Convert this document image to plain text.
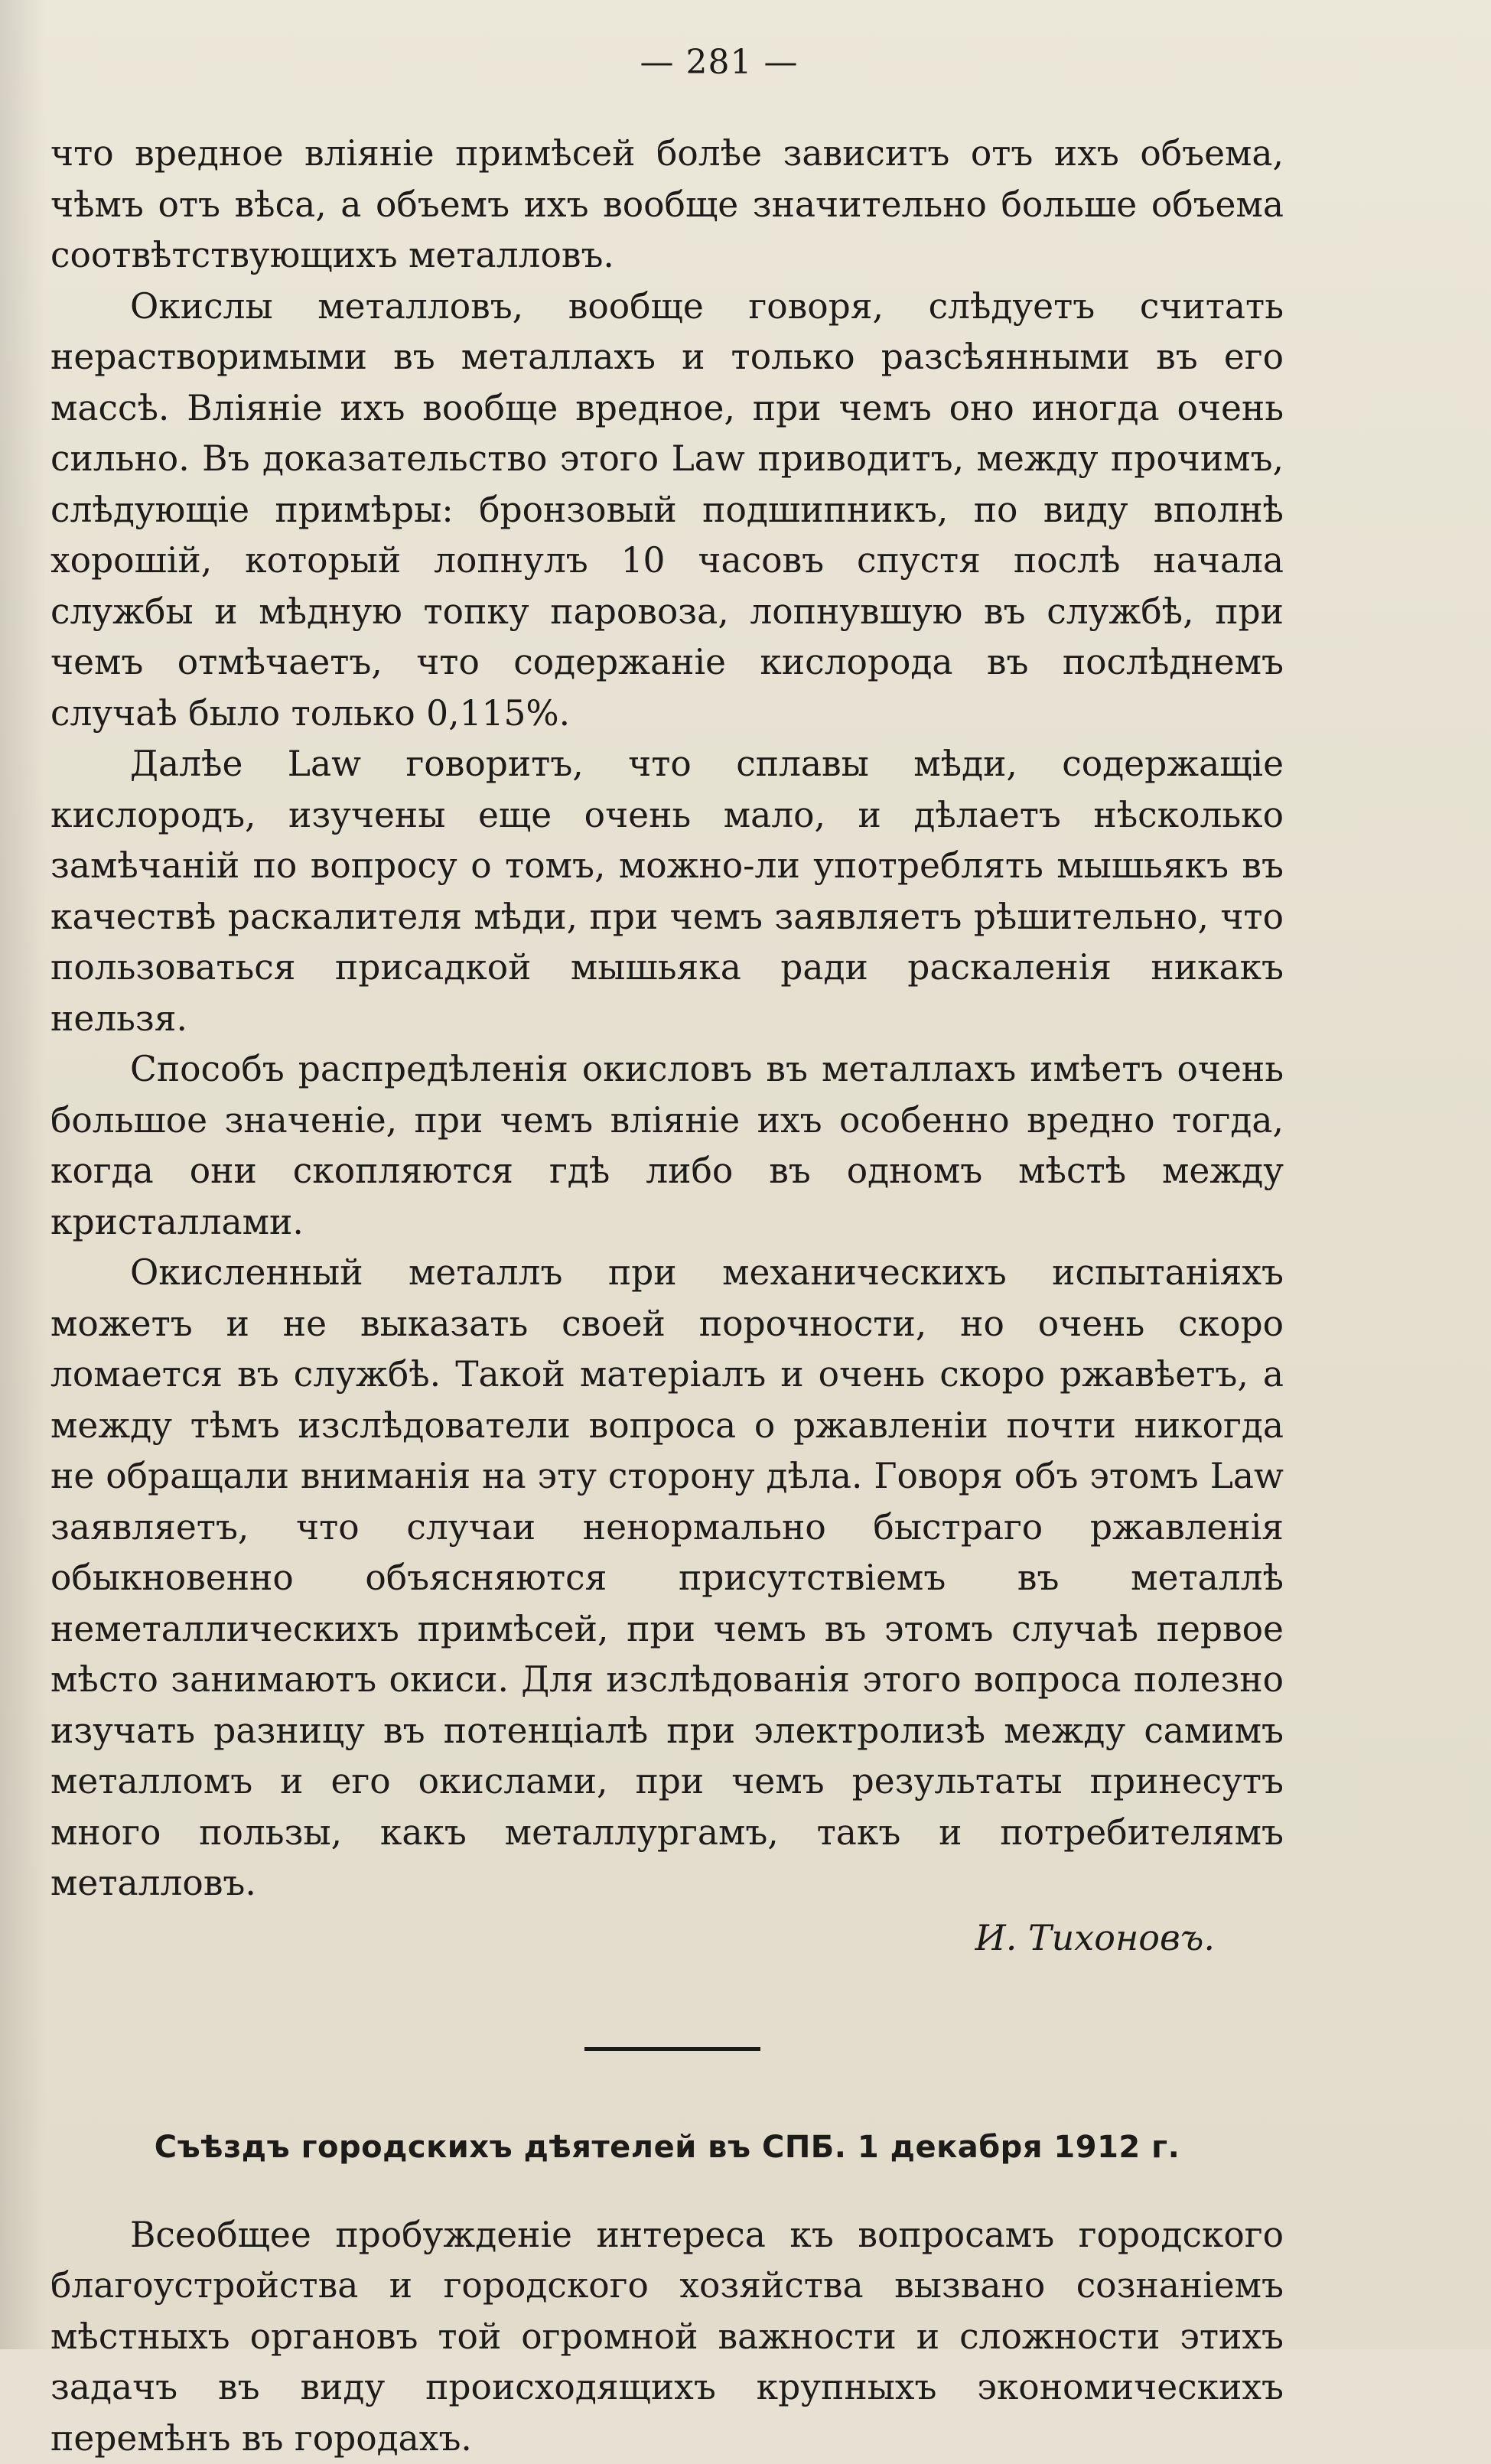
— 281 —

что вредное вліяніе примѣсей болѣе зависитъ отъ ихъ объема, чѣмъ отъ вѣса, а объемъ ихъ вообще значительно больше объема соотвѣтствующихъ металловъ.

Окислы металловъ, вообще говоря, слѣдуетъ считать нерастворимыми въ металлахъ и только разсѣянными въ его массѣ. Вліяніе ихъ вообще вредное, при чемъ оно иногда очень сильно. Въ доказательство этого Law приводитъ, между прочимъ, слѣдующіе примѣры: бронзовый подшипникъ, по виду вполнѣ хорошій, который лопнулъ 10 часовъ спустя послѣ начала службы и мѣдную топку паровоза, лопнувшую въ службѣ, при чемъ отмѣчаетъ, что содержаніе кислорода въ послѣднемъ случаѣ было только 0,115%.

Далѣе Law говоритъ, что сплавы мѣди, содержащіе кислородъ, изучены еще очень мало, и дѣлаетъ нѣсколько замѣчаній по вопросу о томъ, можно-ли употреблять мышьякъ въ качествѣ раскалителя мѣди, при чемъ заявляетъ рѣшительно, что пользоваться присадкой мышьяка ради раскаленія никакъ нельзя.

Способъ распредѣленія окисловъ въ металлахъ имѣетъ очень большое значеніе, при чемъ вліяніе ихъ особенно вредно тогда, когда они скопляются гдѣ либо въ одномъ мѣстѣ между кристаллами.

Окисленный металлъ при механическихъ испытаніяхъ можетъ и не выказать своей порочности, но очень скоро ломается въ службѣ. Такой матеріалъ и очень скоро ржавѣетъ, а между тѣмъ изслѣдователи вопроса о ржавленіи почти никогда не обращали вниманія на эту сторону дѣла. Говоря объ этомъ Law заявляетъ, что случаи ненормально быстраго ржавленія обыкновенно объясняются присутствіемъ въ металлѣ неметаллическихъ примѣсей, при чемъ въ этомъ случаѣ первое мѣсто занимаютъ окиси. Для изслѣдованія этого вопроса полезно изучать разницу въ потенціалѣ при электролизѣ между самимъ металломъ и его окислами, при чемъ результаты принесутъ много пользы, какъ металлургамъ, такъ и потребителямъ металловъ.

И. Тихоновъ.
Съѣздъ городскихъ дѣятелей въ СПБ. 1 декабря 1912 г.

Всеобщее пробужденіе интереса къ вопросамъ городского благоустройства и городского хозяйства вызвано сознаніемъ мѣстныхъ органовъ той огромной важности и сложности этихъ задачъ въ виду происходящихъ крупныхъ экономическихъ перемѣнъ въ городахъ.
